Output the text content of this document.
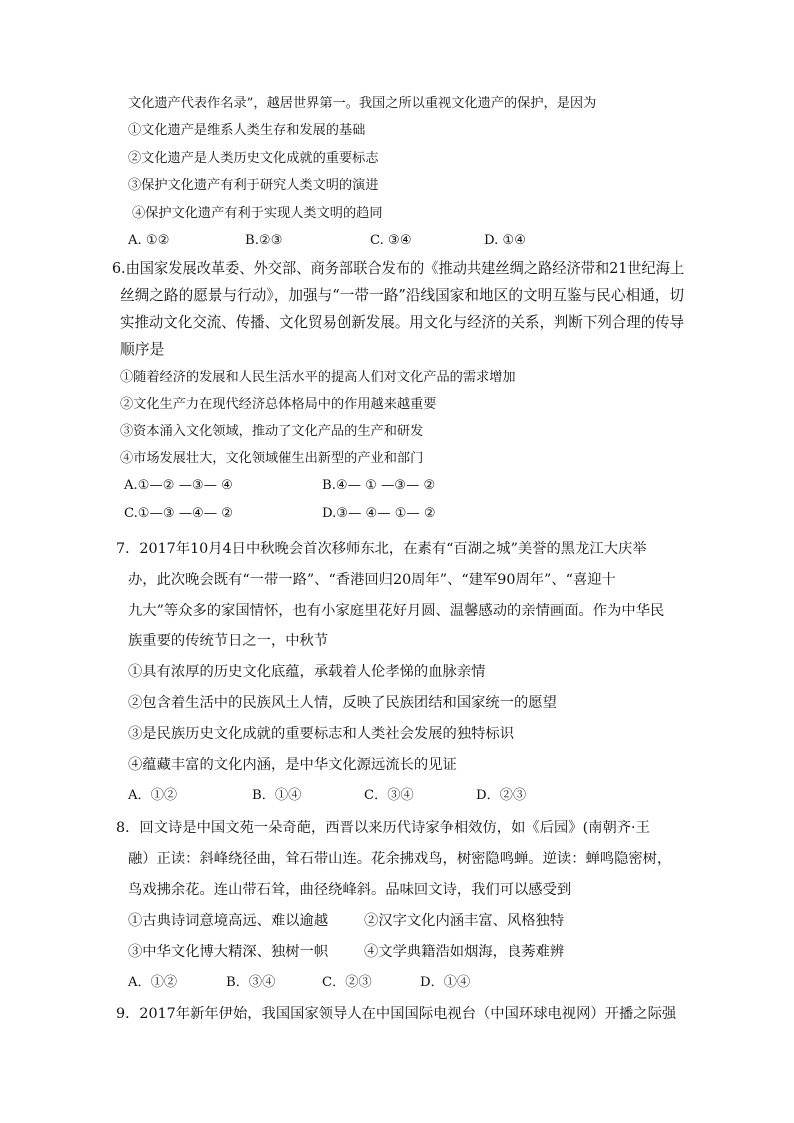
文化遗产代表作名录”，越居世界第一。我国之所以重视文化遗产的保护，是因为
①文化遗产是维系人类生存和发展的基础
②文化遗产是人类历史文化成就的重要标志
③保护文化遗产有利于研究人类文明的演进
④保护文化遗产有利于实现人类文明的趋同
A. ①②	B.②③	C. ③④	D. ①④
6.由国家发展改革委、外交部、商务部联合发布的《推动共建丝绸之路经济带和21世纪海上
丝绸之路的愿景与行动》，加强与“一带一路”沿线国家和地区的文明互鉴与民心相通，切
实推动文化交流、传播、文化贸易创新发展。用文化与经济的关系，判断下列合理的传导
顺序是
①随着经济的发展和人民生活水平的提高人们对文化产品的需求增加
②文化生产力在现代经济总体格局中的作用越来越重要
③资本涌入文化领域，推动了文化产品的生产和研发
④市场发展壮大，文化领域催生出新型的产业和部门
A.①—② —③— ④	B.④— ① —③— ②
C.①—③ —④— ②	D.③— ④— ①— ②
7．2017年10月4日中秋晚会首次移师东北，在素有“百湖之城”美誉的黑龙江大庆举
办，此次晚会既有“一带一路”、“香港回归20周年”、“建军90周年”、“喜迎十
九大”等众多的家国情怀，也有小家庭里花好月圆、温馨感动的亲情画面。作为中华民
族重要的传统节日之一，中秋节
①具有浓厚的历史文化底蕴，承载着人伦孝悌的血脉亲情
②包含着生活中的民族风土人情，反映了民族团结和国家统一的愿望
③是民族历史文化成就的重要标志和人类社会发展的独特标识
④蕴藏丰富的文化内涵，是中华文化源远流长的见证
A．①②	B．①④	C．③④	D．②③
8．回文诗是中国文苑一朵奇葩，西晋以来历代诗家争相效仿，如《后园》(南朝齐·王
融）正读：斜峰绕径曲，耸石带山连。花余拂戏鸟，树密隐鸣蝉。逆读：蝉鸣隐密树，
鸟戏拂余花。连山带石耸，曲径绕峰斜。品味回文诗，我们可以感受到
①古典诗词意境高远、难以逾越	②汉字文化内涵丰富、风格独特
③中华文化博大精深、独树一帜	④文学典籍浩如烟海，良莠难辨
A．①②	B．③④	C．②③	D．①④
9．2017年新年伊始，我国国家领导人在中国国际电视台（中国环球电视网）开播之际强
